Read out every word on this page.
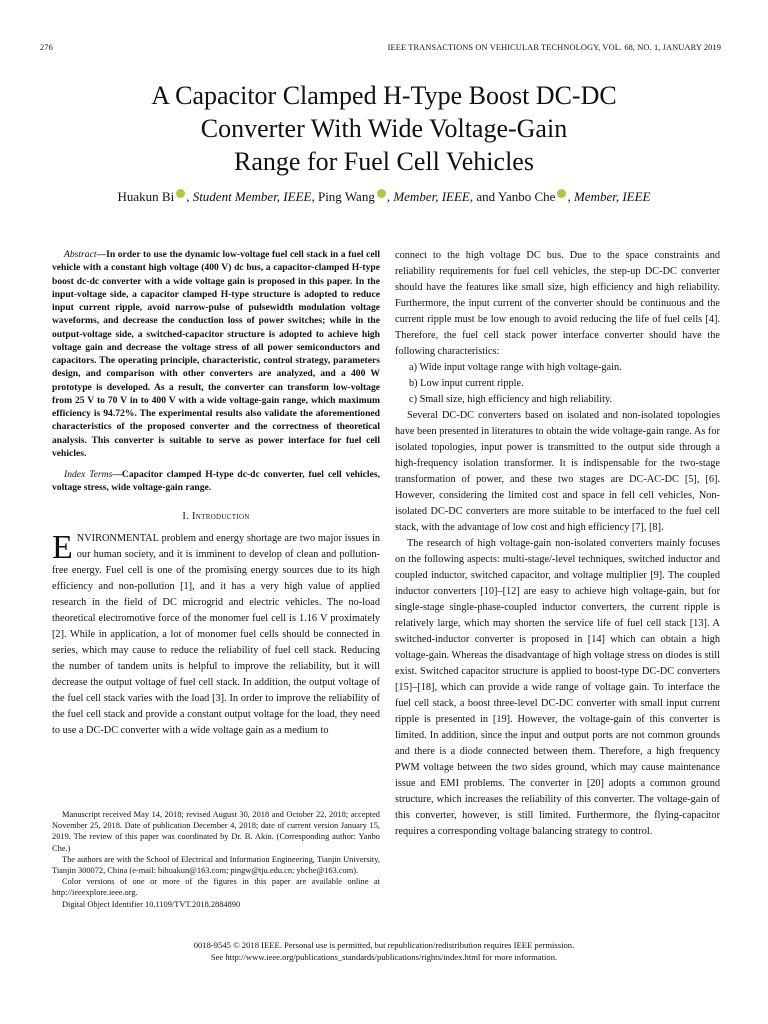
276	IEEE TRANSACTIONS ON VEHICULAR TECHNOLOGY, VOL. 68, NO. 1, JANUARY 2019
A Capacitor Clamped H-Type Boost DC-DC
Converter With Wide Voltage-Gain
Range for Fuel Cell Vehicles
Huakun Bi , Student Member, IEEE, Ping Wang , Member, IEEE, and Yanbo Che , Member, IEEE

Abstract—In order to use the dynamic low-voltage fuel cell stack in a fuel cell vehicle with a constant high voltage (400 V) dc bus, a capacitor-clamped H-type boost dc-dc converter with a wide voltage gain is proposed in this paper. In the input-voltage side, a capacitor clamped H-type structure is adopted to reduce input current ripple, avoid narrow-pulse of pulsewidth modulation voltage waveforms, and decrease the conduction loss of power switches; while in the output-voltage side, a switched-capacitor structure is adopted to achieve high voltage gain and decrease the voltage stress of all power semiconductors and capacitors. The operating principle, characteristic, control strategy, parameters design, and comparison with other converters are analyzed, and a 400 W prototype is developed. As a result, the converter can transform low-voltage from 25 V to 70 V in to 400 V with a wide voltage-gain range, which maximum efficiency is 94.72%. The experimental results also validate the aforementioned characteristics of the proposed converter and the correctness of theoretical analysis. This converter is suitable to serve as power interface for fuel cell vehicles.

Index Terms—Capacitor clamped H-type dc-dc converter, fuel cell vehicles, voltage stress, wide voltage-gain range.

I. Introduction

ENVIRONMENTAL problem and energy shortage are two major issues in our human society, and it is imminent to develop of clean and pollution-free energy. Fuel cell is one of the promising energy sources due to its high efficiency and non-pollution [1], and it has a very high value of applied research in the field of DC microgrid and electric vehicles. The no-load theoretical electromotive force of the monomer fuel cell is 1.16 V proximately [2]. While in application, a lot of monomer fuel cells should be connected in series, which may cause to reduce the reliability of fuel cell stack. Reducing the number of tandem units is helpful to improve the reliability, but it will decrease the output voltage of fuel cell stack. In addition, the output voltage of the fuel cell stack varies with the load [3]. In order to improve the reliability of the fuel cell stack and provide a constant output voltage for the load, they need to use a DC-DC converter with a wide voltage gain as a medium to

Manuscript received May 14, 2018; revised August 30, 2018 and October 22, 2018; accepted November 25, 2018. Date of publication December 4, 2018; date of current version January 15, 2019. The review of this paper was coordinated by Dr. B. Akin. (Corresponding author: Yanbo Che.)

The authors are with the School of Electrical and Information Engineering, Tianjin University, Tianjin 300072, China (e-mail: bihuakun@163.com; pingw@tju.edu.cn; ybche@163.com).

Color versions of one or more of the figures in this paper are available online at http://ieeexplore.ieee.org.

Digital Object Identifier 10.1109/TVT.2018.2884890

connect to the high voltage DC bus. Due to the space constraints and reliability requirements for fuel cell vehicles, the step-up DC-DC converter should have the features like small size, high efficiency and high reliability. Furthermore, the input current of the converter should be continuous and the current ripple must be low enough to avoid reducing the life of fuel cells [4]. Therefore, the fuel cell stack power interface converter should have the following characteristics:

a) Wide input voltage range with high voltage-gain.

b) Low input current ripple.

c) Small size, high efficiency and high reliability.

Several DC-DC converters based on isolated and non-isolated topologies have been presented in literatures to obtain the wide voltage-gain range. As for isolated topologies, input power is transmitted to the output side through a high-frequency isolation transformer. It is indispensable for the two-stage transformation of power, and these two stages are DC-AC-DC [5], [6]. However, considering the limited cost and space in fell cell vehicles, Non-isolated DC-DC converters are more suitable to be interfaced to the fuel cell stack, with the advantage of low cost and high efficiency [7], [8].

The research of high voltage-gain non-isolated converters mainly focuses on the following aspects: multi-stage/-level techniques, switched inductor and coupled inductor, switched capacitor, and voltage multiplier [9]. The coupled inductor converters [10]–[12] are easy to achieve high voltage-gain, but for single-stage single-phase-coupled inductor converters, the current ripple is relatively large, which may shorten the service life of fuel cell stack [13]. A switched-inductor converter is proposed in [14] which can obtain a high voltage-gain. Whereas the disadvantage of high voltage stress on diodes is still exist. Switched capacitor structure is applied to boost-type DC-DC converters [15]–[18], which can provide a wide range of voltage gain. To interface the fuel cell stack, a boost three-level DC-DC converter with small input current ripple is presented in [19]. However, the voltage-gain of this converter is limited. In addition, since the input and output ports are not common grounds and there is a diode connected between them. Therefore, a high frequency PWM voltage between the two sides ground, which may cause maintenance issue and EMI problems. The converter in [20] adopts a common ground structure, which increases the reliability of this converter. The voltage-gain of this converter, however, is still limited. Furthermore, the flying-capacitor requires a corresponding voltage balancing strategy to control.

0018-9545 © 2018 IEEE. Personal use is permitted, but republication/redistribution requires IEEE permission.
See http://www.ieee.org/publications_standards/publications/rights/index.html for more information.
